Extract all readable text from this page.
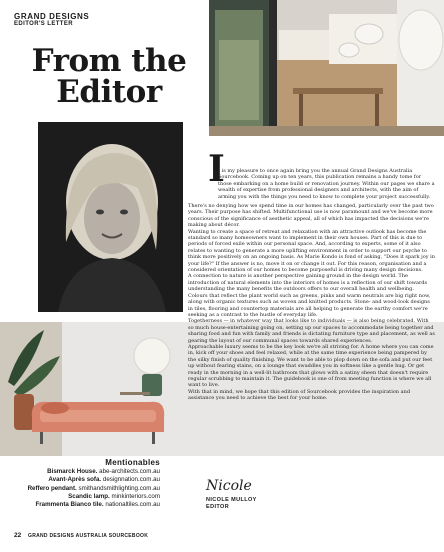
GRAND DESIGNS
EDITOR'S LETTER
From the
Editor
I

t is my pleasure to once again bring you the annual Grand Designs Australia Sourcebook. Coming up on ten years, this publication remains a handy tome for those embarking on a home build or renovation journey. Within our pages we share a wealth of expertise from professional designers and architects, with the aim of arming you with the things you need to know to complete your project successfully.

There's no denying how we spend time in our homes has changed, particularly over the past two years. Their purpose has shifted. Multifunctional use is now paramount and we've become more conscious of the significance of aesthetic appeal, all of which has impacted the decisions we're making about décor.

Wanting to create a space of retreat and relaxation with an attractive outlook has become the standard so many homeowners want to implement in their own houses. Part of this is due to periods of forced exile within our personal space. And, according to experts, some of it also relates to wanting to generate a more uplifting environment in order to support our psyche to think more positively on an ongoing basis. As Marie Kondo is fond of asking, "Does it spark joy in your life?" If the answer is no, move it on or change it out. For this reason, organisation and a considered orientation of our homes to become purposeful is driving many design decisions.

A connection to nature is another perspective gaining ground in the design world. The introduction of natural elements into the interiors of homes is a reflection of our shift towards understanding the many benefits the outdoors offers to our overall health and wellbeing. Colours that reflect the plant world such as greens, pinks and warm neutrals are big right now, along with organic textures such as woven and knitted products. Stone- and wood-look designs in tiles, flooring and countertop materials are all helping to generate the earthy comfort we're seeking as a contrast to the hustle of everyday life.

Togetherness — in whatever way that looks like to individuals — is also being celebrated. With so much house-entertaining going on, setting up our spaces to accommodate being together and sharing food and fun with family and friends is dictating furniture type and placement, as well as gearing the layout of our communal spaces towards shared experiences.

Approachable luxury seems to be the key look we're all striving for. A home where you can come in, kick off your shoes and feel relaxed, while at the same time experience being pampered by the silky finish of quality finishing. We want to be able to plop down on the sofa and put our feet up without fearing stains, on a lounge that swaddles you in softness like a gentle hug. Or get ready in the morning in a well-lit bathroom that glows with a satiny sheen that doesn't require regular scrubbing to maintain it. The guidebook is one of from meeting function is where we all want to live.

With that in mind, we hope that this edition of Sourcebook provides the inspiration and assistance you need to achieve the best for your home.

Mentionables
Bismarck House. abe-architects.com.au
Avant-Après sofa. designnation.com.au
Reffero pendant. smithandsmithlighting.com.au
Scandic lamp. minkinteriors.com
Frammenta Bianco tile. nationaltiles.com.au
Nicole
NICOLE MULLOY
EDITOR
22 GRAND DESIGNS AUSTRALIA SOURCEBOOK
